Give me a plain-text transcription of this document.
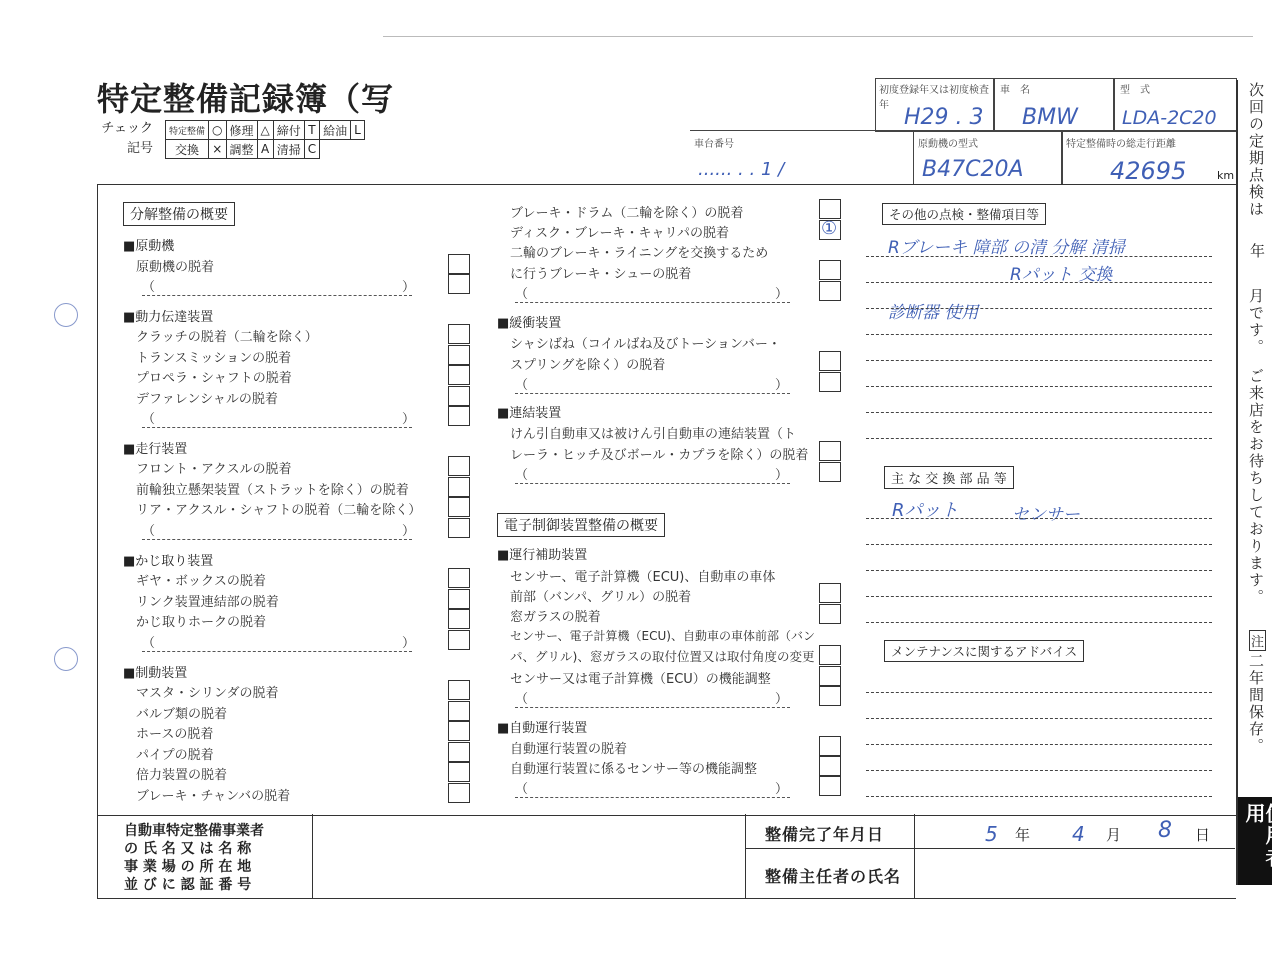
特定整備記録簿（写
チェック
記号
特定整備	○	修理	△	締付	T	給油	L
交換	×	調整	A	清掃	C		
初度登録年又は初度検査年 H29 . 3
車　名
BMW
型　式
LDA-2C20
車台番号
...... . . 1 /
原動機の型式
B47C20A
特定整備時の総走行距離
42695	km
分解整備の概要
■原動機
原動機の脱着
（　　　　　　　　　　　　　　　　　　　）
■動力伝達装置
クラッチの脱着（二輪を除く）
トランスミッションの脱着
プロペラ・シャフトの脱着
デファレンシャルの脱着
（　　　　　　　　　　　　　　　　　　　）
■走行装置
フロント・アクスルの脱着
前輪独立懸架装置（ストラットを除く）の脱着
リア・アクスル・シャフトの脱着（二輪を除く）
（　　　　　　　　　　　　　　　　　　　）
■かじ取り装置
ギヤ・ボックスの脱着
リンク装置連結部の脱着
かじ取りホークの脱着
（　　　　　　　　　　　　　　　　　　　）
■制動装置
マスタ・シリンダの脱着
バルブ類の脱着
ホースの脱着
パイプの脱着
倍力装置の脱着
ブレーキ・チャンバの脱着
ブレーキ・ドラム（二輪を除く）の脱着
ディスク・ブレーキ・キャリパの脱着
二輪のブレーキ・ライニングを交換するため
に行うブレーキ・シューの脱着
（　　　　　　　　　　　　　　　　　　　）
■緩衝装置
シャシばね（コイルばね及びトーションバー・
スプリングを除く）の脱着
（　　　　　　　　　　　　　　　　　　　）
■連結装置
けん引自動車又は被けん引自動車の連結装置（ト
レーラ・ヒッチ及びボール・カプラを除く）の脱着
（　　　　　　　　　　　　　　　　　　　）
電子制御装置整備の概要
■運行補助装置
センサー、電子計算機（ECU)、自動車の車体
前部（バンパ、グリル）の脱着
窓ガラスの脱着
センサー、電子計算機（ECU)、自動車の車体前部（バン
パ、グリル)、窓ガラスの取付位置又は取付角度の変更
センサー又は電子計算機（ECU）の機能調整
（　　　　　　　　　　　　　　　　　　　）
■自動運行装置
自動運行装置の脱着
自動運行装置に係るセンサー等の機能調整
（　　　　　　　　　　　　　　　　　　　）
①
その他の点検・整備項目等
Rブレーキ 障部 の清 分解 清掃
Rパット 交換
診断器 使用
主 な 交 換 部 品 等
Rパット	センサー
メンテナンスに関するアドバイス
次回の定期点検は
年
月です。
ご来店をお待ちしております。
注
二年間保存。
使用者用
自動車特定整備事業者
の 氏 名 又 は 名 称
事 業 場 の 所 在 地
並 び に 認 証 番 号
整備完了年月日	5 年 4 月 8 日
整備主任者の氏名
